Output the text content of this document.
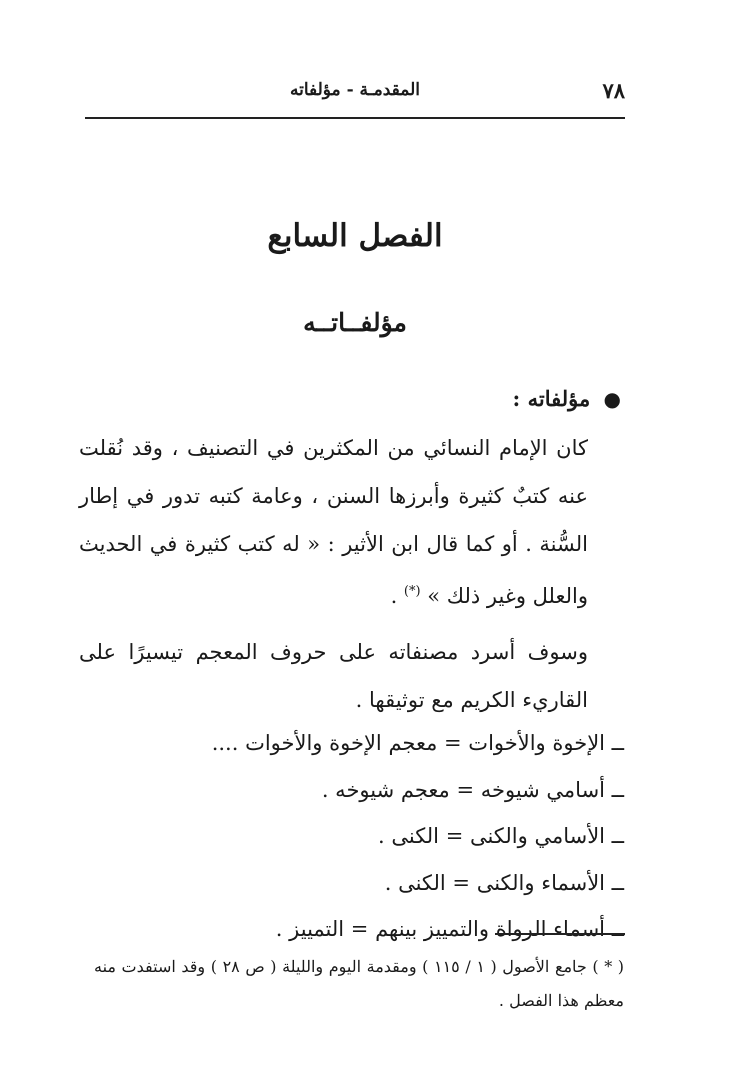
٧٨
المقدمـة - مؤلفاته
الفصل السابع
مؤلفــاتــه
● مؤلفاته :

كان الإمام النسائي من المكثرين في التصنيف ، وقد نُقلت عنه كتبٌ كثيرة وأبرزها السنن ، وعامة كتبه تدور في إطار السُّنة . أو كما قال ابن الأثير : « له كتب كثيرة في الحديث والعلل وغير ذلك » (*) .

وسوف أسرد مصنفاته على حروف المعجم تيسيرًا على القاريء الكريم مع توثيقها .

ــ الإخوة والأخوات = معجم الإخوة والأخوات ....
ــ أسامي شيوخه = معجم شيوخه .
ــ الأسامي والكنى = الكنى .
ــ الأسماء والكنى = الكنى .
ــ أسماء الرواة والتمييز بينهم = التمييز .

( * ) جامع الأصول ( ١ / ١١٥ ) ومقدمة اليوم والليلة ( ص ٢٨ ) وقد استفدت منه معظم هذا الفصل .
